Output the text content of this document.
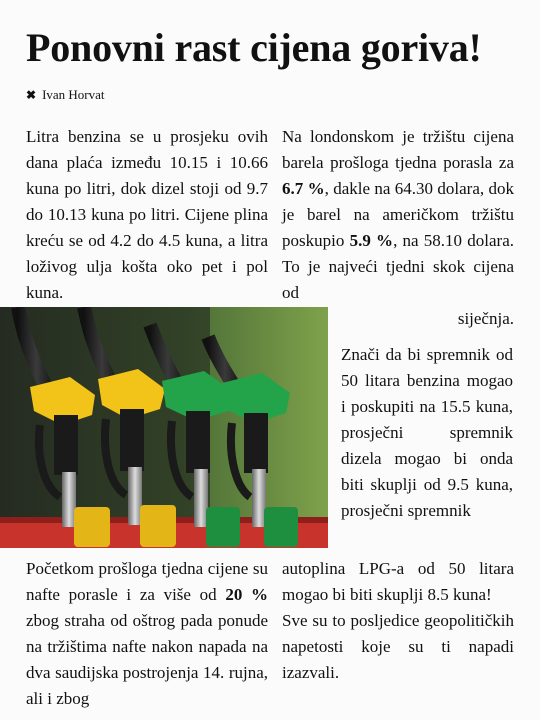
Ponovni rast cijena goriva!
✖ Ivan Horvat

Litra benzina se u prosjeku ovih dana plaća između 10.15 i 10.66 kuna po litri, dok dizel stoji od 9.7 do 10.13 kuna po litri. Cijene plina kreću se od 4.2 do 4.5 kuna, a litra loživog ulja košta oko pet i pol kuna.

Na londonskom je tržištu cijena barela prošloga tjedna porasla za 6.7 %, dakle na 64.30 dolara, dok je barel na američkom tržištu poskupio 5.9 %, na 58.10 dolara. To je najveći tjedni skok cijena od

siječnja.

Znači da bi spremnik od 50 litara benzina mogao i poskupiti na 15.5 kuna, prosječni spremnik dizela mogao bi onda biti skuplji od 9.5 kuna, prosječni spremnik

Početkom prošloga tjedna cijene su nafte porasle i za više od 20 % zbog straha od oštrog pada ponude na tržištima nafte nakon napada na dva saudijska postrojenja 14. rujna, ali i zbog

autoplina LPG-a od 50 litara mogao bi biti skuplji 8.5 kuna!

Sve su to posljedice geopolitičkih napetosti koje su ti napadi izazvali.
